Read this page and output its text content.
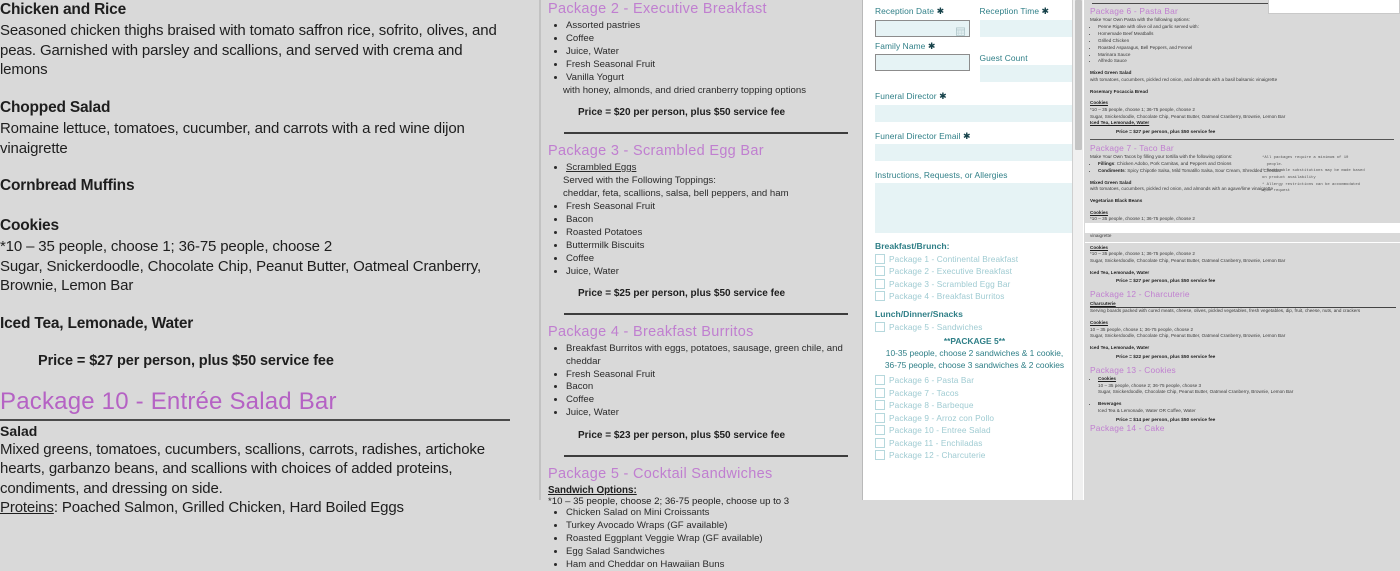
Chicken and Rice
Seasoned chicken thighs braised with tomato saffron rice, sofrito, olives, and peas. Garnished with parsley and scallions, and served with crema and lemons
Chopped Salad
Romaine lettuce, tomatoes, cucumber, and carrots with a red wine dijon vinaigrette
Cornbread Muffins
Cookies
*10 – 35 people, choose 1; 36-75 people, choose 2
Sugar, Snickerdoodle, Chocolate Chip, Peanut Butter, Oatmeal Cranberry, Brownie, Lemon Bar
Iced Tea, Lemonade, Water
Price = $27 per person, plus $50 service fee
Package 10 - Entrée Salad Bar
Salad
Mixed greens, tomatoes, cucumbers, scallions, carrots, radishes, artichoke hearts, garbanzo beans, and scallions with choices of added proteins, condiments, and dressing on side.
Proteins: Poached Salmon, Grilled Chicken, Hard Boiled Eggs
Package 2 - Executive Breakfast
• Assorted pastries
• Coffee
• Juice, Water
• Fresh Seasonal Fruit
• Vanilla Yogurt
with honey, almonds, and dried cranberry topping options
Price = $20 per person, plus $50 service fee
Package 3 - Scrambled Egg Bar
• Scrambled Eggs
Served with the Following Toppings:
cheddar, feta, scallions, salsa, bell peppers, and ham
• Fresh Seasonal Fruit
• Bacon
• Roasted Potatoes
• Buttermilk Biscuits
• Coffee
• Juice, Water
Price = $25 per person, plus $50 service fee
Package 4 - Breakfast Burritos
• Breakfast Burritos with eggs, potatoes, sausage, green chile, and cheddar
• Fresh Seasonal Fruit
• Bacon
• Coffee
• Juice, Water
Price = $23 per person, plus $50 service fee
Package 5 - Cocktail Sandwiches
Sandwich Options:
*10 – 35 people, choose 2; 36-75 people, choose up to 3
• Chicken Salad on Mini Croissants
• Turkey Avocado Wraps (GF available)
• Roasted Eggplant Veggie Wrap (GF available)
• Egg Salad Sandwiches
• Ham and Cheddar on Hawaiian Buns
Reception Date ✱	Reception Time ✱
Family Name ✱
Guest Count
Funeral Director ✱
Funeral Director Email ✱
Instructions, Requests, or Allergies
Breakfast/Brunch:
Package 1 - Continental Breakfast
Package 2 - Executive Breakfast
Package 3 - Scrambled Egg Bar
Package 4 - Breakfast Burritos
Lunch/Dinner/Snacks
Package 5 - Sandwiches
**PACKAGE 5**
10-35 people, choose 2 sandwiches & 1 cookie,
36-75 people, choose 3 sandwiches & 2 cookies
Package 6 - Pasta Bar
Package 7 - Tacos
Package 8 - Barbeque
Package 9 - Arroz con Pollo
Package 10 - Entree Salad
Package 11 - Enchiladas
Package 12 - Charcuterie
Package 6 - Pasta Bar
Make Your Own Pasta with the following options:
• Penne Rigate with olive oil and garlic served with:
• Homemade Beef Meatballs
• Grilled Chicken
• Roasted Asparagus, Bell Peppers, and Fennel
• Marinara Sauce
• Alfredo Sauce
Mixed Green Salad
with tomatoes, cucumbers, pickled red onion, and almonds with a basil balsamic vinaigrette
Rosemary Focaccia Bread
Cookies
*10 – 35 people, choose 1; 36-75 people, choose 2
Sugar, Snickerdoodle, Chocolate Chip, Peanut Butter, Oatmeal Cranberry, Brownie, Lemon Bar
Iced Tea, Lemonade, Water
Price = $27 per person, plus $50 service fee
Package 7 - Taco Bar
Make Your Own Tacos by filling your tortilla with the following options:
• Fillings: Chicken Adobo, Pork Carnitas, and Peppers and Onions
• Condiments: Spicy Chipotle Salsa, Mild Tomatillo Salsa, Sour Cream, Shredded Cheddar
Mixed Green Salad
with tomatoes, cucumbers, pickled red onion, and almonds with an agave/lime vinaigrette
Vegetarian Black Beans
Cookies
*10 – 35 people, choose 1; 36-75 people, choose 2
vinaigrette
Cookies
*10 – 35 people, choose 1; 36-75 people, choose 2
Sugar, Snickerdoodle, Chocolate Chip, Peanut Butter, Oatmeal Cranberry, Brownie, Lemon Bar
Iced Tea, Lemonade, Water
Price = $27 per person, plus $50 service fee
Package 12 - Charcuterie
Charcuterie
Serving boards packed with cured meats, cheese, olives, pickled vegetables, fresh vegetables, dip, fruit, cheese, nuts, and crackers
Cookies
10 – 35 people, choose 1; 36-75 people, choose 2
Sugar, Snickerdoodle, Chocolate Chip, Peanut Butter, Oatmeal Cranberry, Brownie, Lemon Bar
Iced Tea, Lemonade, Water
Price = $22 per person, plus $50 service fee
Package 13 - Cookies
• Cookies
10 – 35 people, choose 2; 36-75 people, choose 3
Sugar, Snickerdoodle, Chocolate Chip, Peanut Butter, Oatmeal Cranberry, Brownie, Lemon Bar
• Beverages
Iced Tea & Lemonade, Water OR Coffee, Water
Price = $14 per person, plus $50 service fee
Package 14 - Cake
*All packages require a minimum of 10
people.
* Reasonable substitutions may be made based
on product availability
* Allergy restrictions can be accommodated
upon request
